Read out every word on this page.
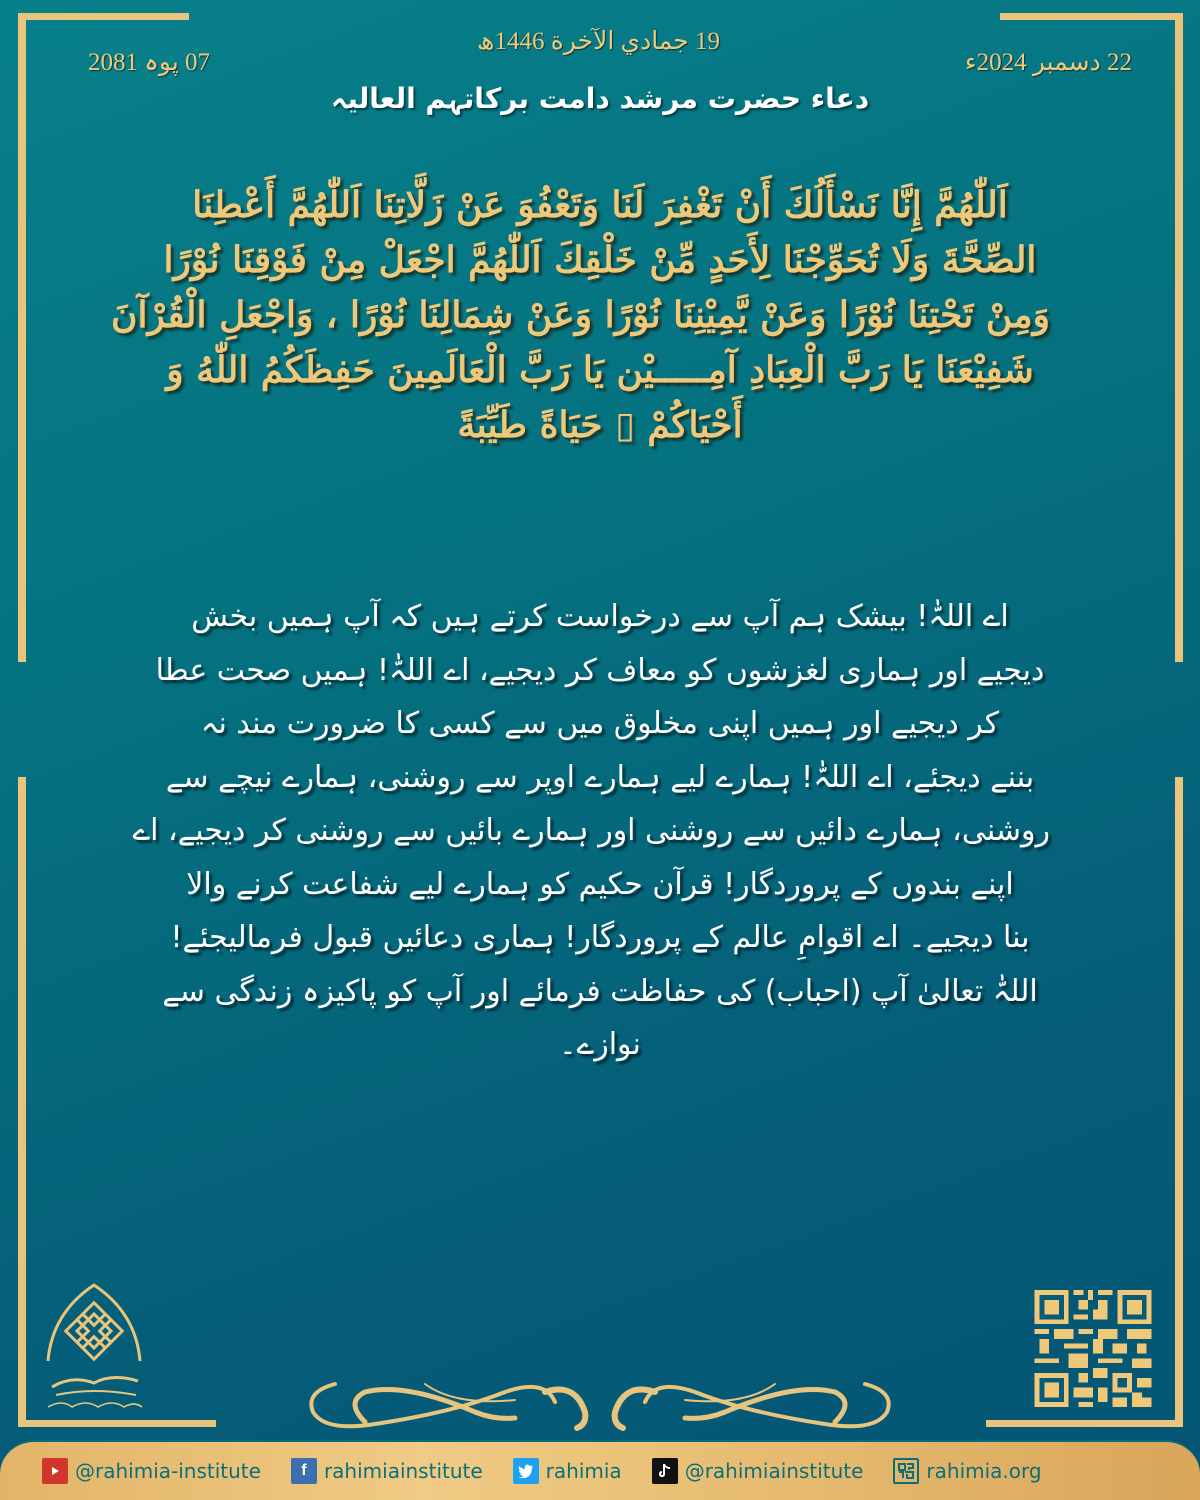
22 دسمبر 2024ء
19 جمادي الآخرة 1446ھ
07 پوہ 2081
دعاء حضرت مرشد دامت برکاتہم العالیہ
اَللّٰهُمَّ إِنَّا نَسْأَلُكَ أَنْ تَغْفِرَ لَنَا وَتَعْفُوَ عَنْ زَلَّاتِنَا اَللّٰهُمَّ أَعْطِنَا
الصِّحَّةَ وَلَا تُحَوِّجْنَا لِأَحَدٍ مِّنْ خَلْقِكَ اَللّٰهُمَّ اجْعَلْ مِنْ فَوْقِنَا نُوْرًا
وَمِنْ تَحْتِنَا نُوْرًا وَعَنْ يَّمِيْنِنَا نُوْرًا وَعَنْ شِمَالِنَا نُوْرًا ، وَاجْعَلِ الْقُرْآنَ
شَفِيْعَنَا يَا رَبَّ الْعِبَادِ آمِـــــيْن يَا رَبَّ الْعَالَمِينَ حَفِظَكُمُ اللّٰهُ وَ
أَحْيَاكُمْ ▯ حَيَاةً طَيِّبَةً
اے اللہّٰ! بیشک ہم آپ سے درخواست کرتے ہیں کہ آپ ہمیں بخش
دیجیے اور ہماری لغزشوں کو معاف کر دیجیے، اے اللہّٰ! ہمیں صحت عطا
کر دیجیے اور ہمیں اپنی مخلوق میں سے کسی کا ضرورت مند نہ
بننے دیجئے، اے اللہّٰ! ہمارے لیے ہمارے اوپر سے روشنی، ہمارے نیچے سے
روشنی، ہمارے دائیں سے روشنی اور ہمارے بائیں سے روشنی کر دیجیے، اے
اپنے بندوں کے پروردگار! قرآن حکیم کو ہمارے لیے شفاعت کرنے والا
بنا دیجیے۔ اے اقوامِ عالم کے پروردگار! ہماری دعائیں قبول فرمالیجئے!
اللہّٰ تعالیٰ آپ (احباب) کی حفاظت فرمائے اور آپ کو پاکیزہ زندگی سے
نوازے۔
@rahimia-institute	f rahimiainstitute	rahimia	@rahimiainstitute	rahimia.org
